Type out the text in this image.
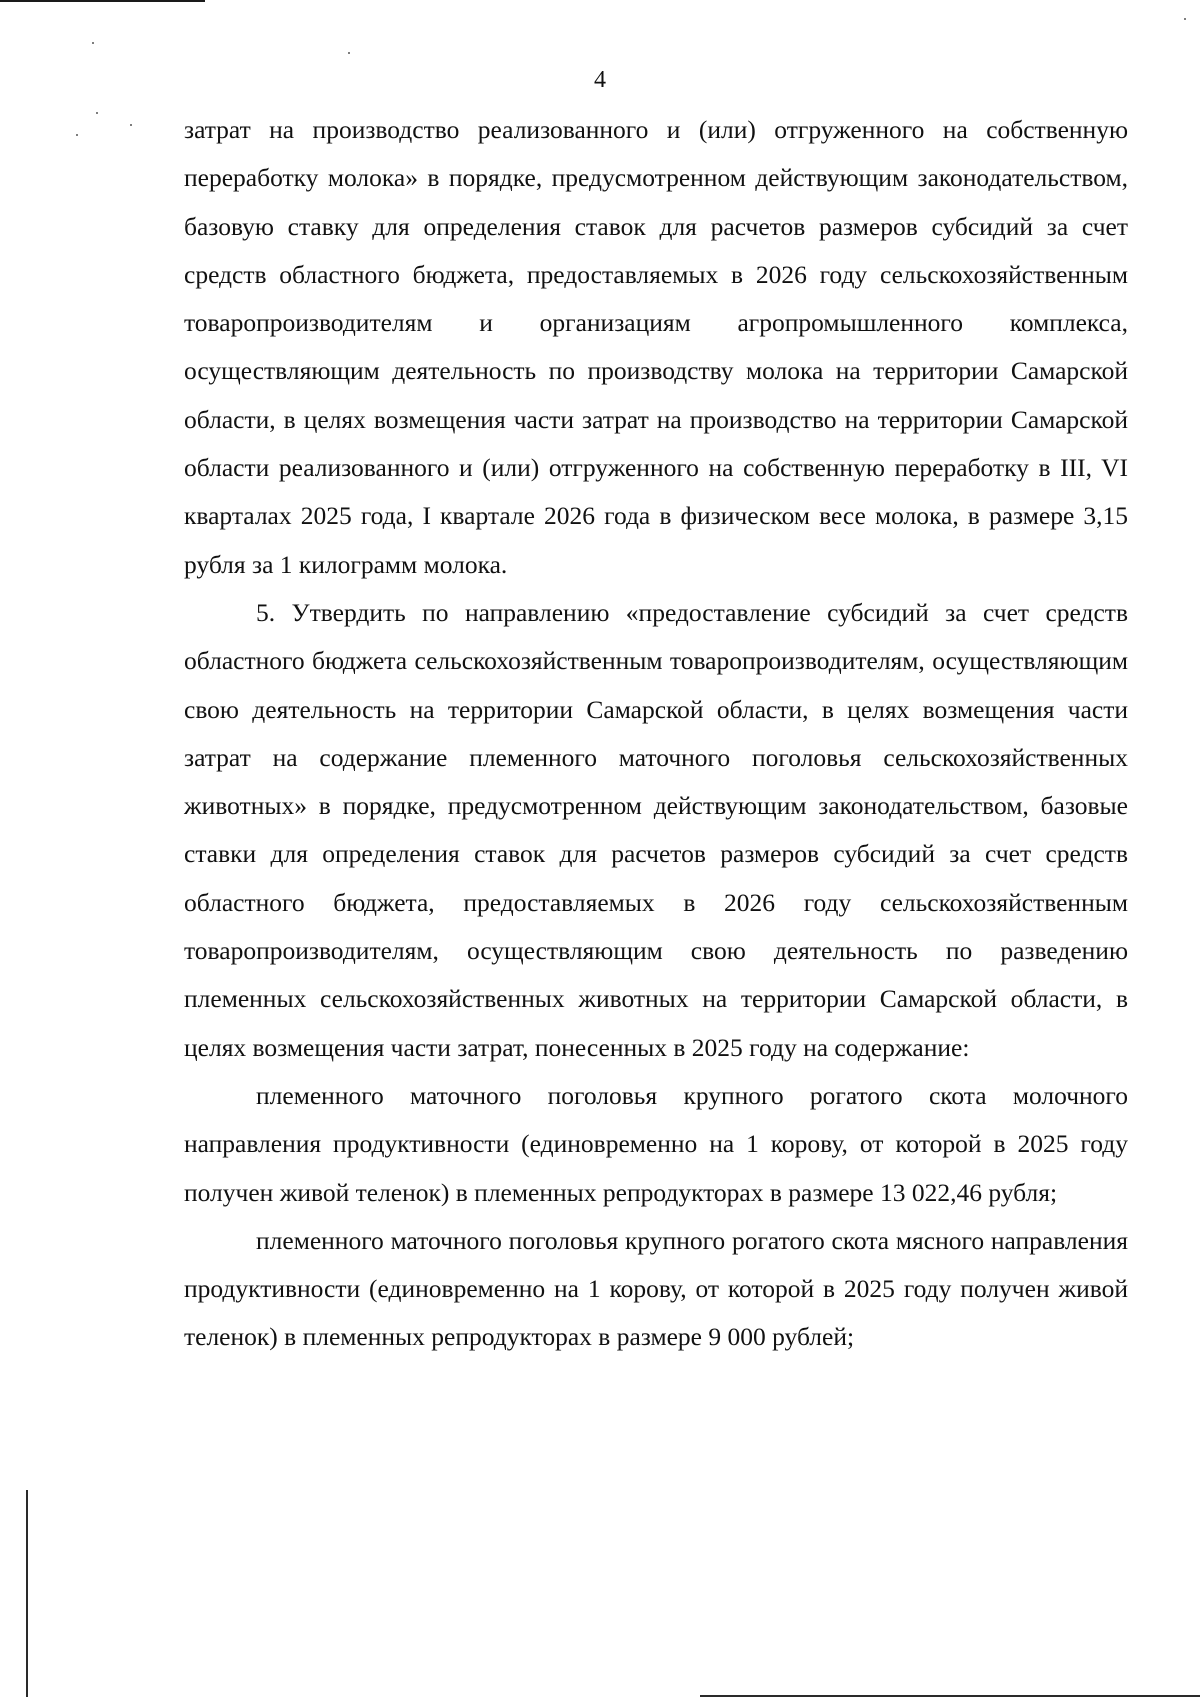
4

затрат на производство реализованного и (или) отгруженного на собственную переработку молока» в порядке, предусмотренном действующим законодательством, базовую ставку для определения ставок для расчетов размеров субсидий за счет средств областного бюджета, предоставляемых в 2026 году сельскохозяйственным товаропроизводителям и организациям агропромышленного комплекса, осуществляющим деятельность по производству молока на территории Самарской области, в целях возмещения части затрат на производство на территории Самарской области реализованного и (или) отгруженного на собственную переработку в III, VI кварталах 2025 года, I квартале 2026 года в физическом весе молока, в размере 3,15 рубля за 1 килограмм молока.

5. Утвердить по направлению «предоставление субсидий за счет средств областного бюджета сельскохозяйственным товаропроизводителям, осуществляющим свою деятельность на территории Самарской области, в целях возмещения части затрат на содержание племенного маточного поголовья сельскохозяйственных животных» в порядке, предусмотренном действующим законодательством, базовые ставки для определения ставок для расчетов размеров субсидий за счет средств областного бюджета, предоставляемых в 2026 году сельскохозяйственным товаропроизводителям, осуществляющим свою деятельность по разведению племенных сельскохозяйственных животных на территории Самарской области, в целях возмещения части затрат, понесенных в 2025 году на содержание:

племенного маточного поголовья крупного рогатого скота молочного направления продуктивности (единовременно на 1 корову, от которой в 2025 году получен живой теленок) в племенных репродукторах в размере 13 022,46 рубля;

племенного маточного поголовья крупного рогатого скота мясного направления продуктивности (единовременно на 1 корову, от которой в 2025 году получен живой теленок) в племенных репродукторах в размере 9 000 рублей;
